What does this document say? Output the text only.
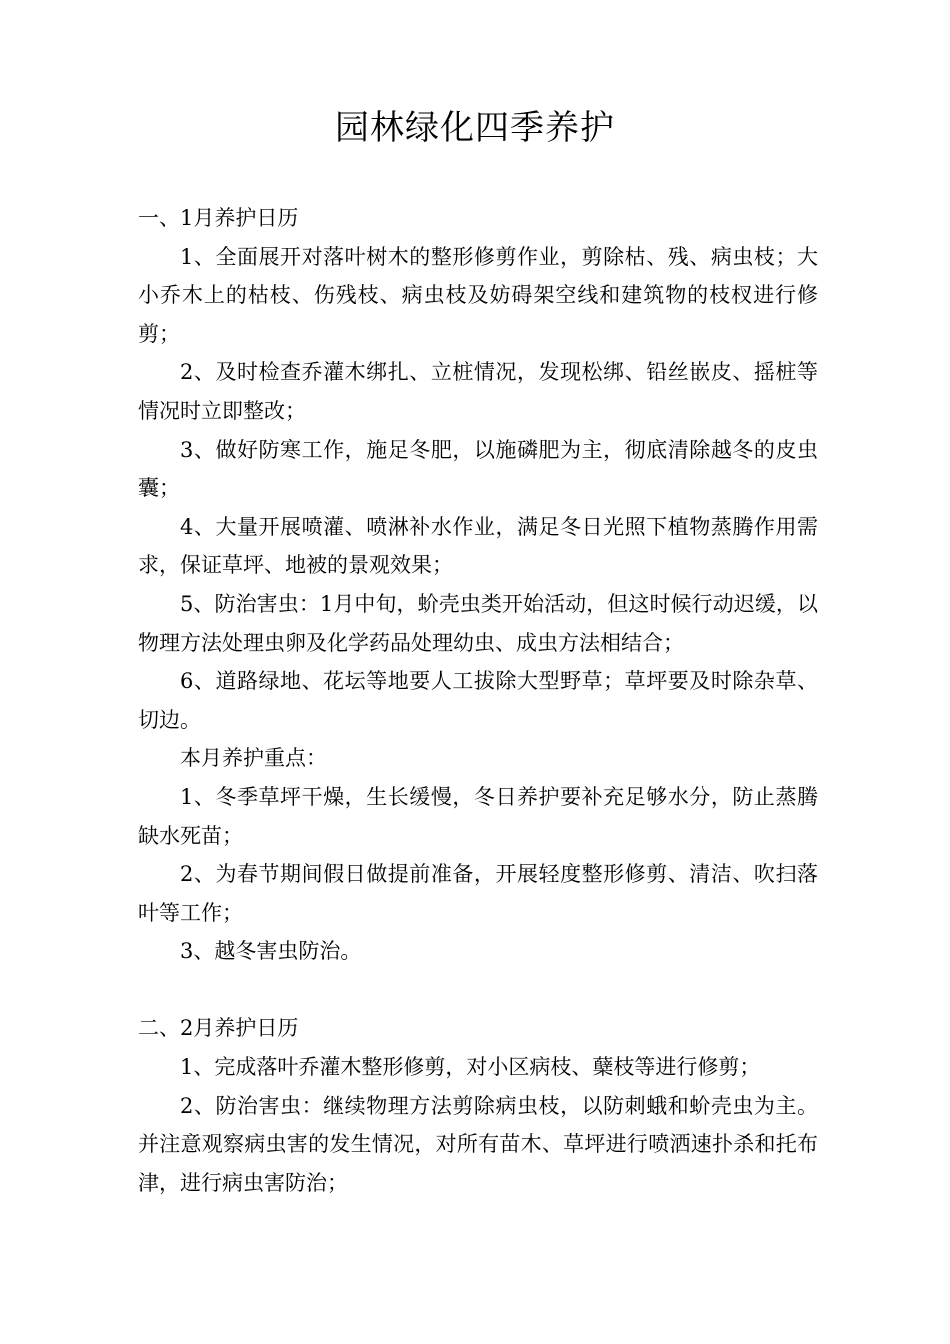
园林绿化四季养护

一、1月养护日历

1、全面展开对落叶树木的整形修剪作业，剪除枯、残、病虫枝；大小乔木上的枯枝、伤残枝、病虫枝及妨碍架空线和建筑物的枝杈进行修剪；

2、及时检查乔灌木绑扎、立桩情况，发现松绑、铅丝嵌皮、摇桩等情况时立即整改；

3、做好防寒工作，施足冬肥，以施磷肥为主，彻底清除越冬的皮虫囊；

4、大量开展喷灌、喷淋补水作业，满足冬日光照下植物蒸腾作用需求，保证草坪、地被的景观效果；

5、防治害虫：1月中旬，蚧壳虫类开始活动，但这时候行动迟缓，以物理方法处理虫卵及化学药品处理幼虫、成虫方法相结合；

6、道路绿地、花坛等地要人工拔除大型野草；草坪要及时除杂草、切边。

本月养护重点：

1、冬季草坪干燥，生长缓慢，冬日养护要补充足够水分，防止蒸腾缺水死苗；

2、为春节期间假日做提前准备，开展轻度整形修剪、清洁、吹扫落叶等工作；

3、越冬害虫防治。

二、2月养护日历

1、完成落叶乔灌木整形修剪，对小区病枝、蘖枝等进行修剪；

2、防治害虫：继续物理方法剪除病虫枝，以防刺蛾和蚧壳虫为主。并注意观察病虫害的发生情况，对所有苗木、草坪进行喷洒速扑杀和托布津，进行病虫害防治；
